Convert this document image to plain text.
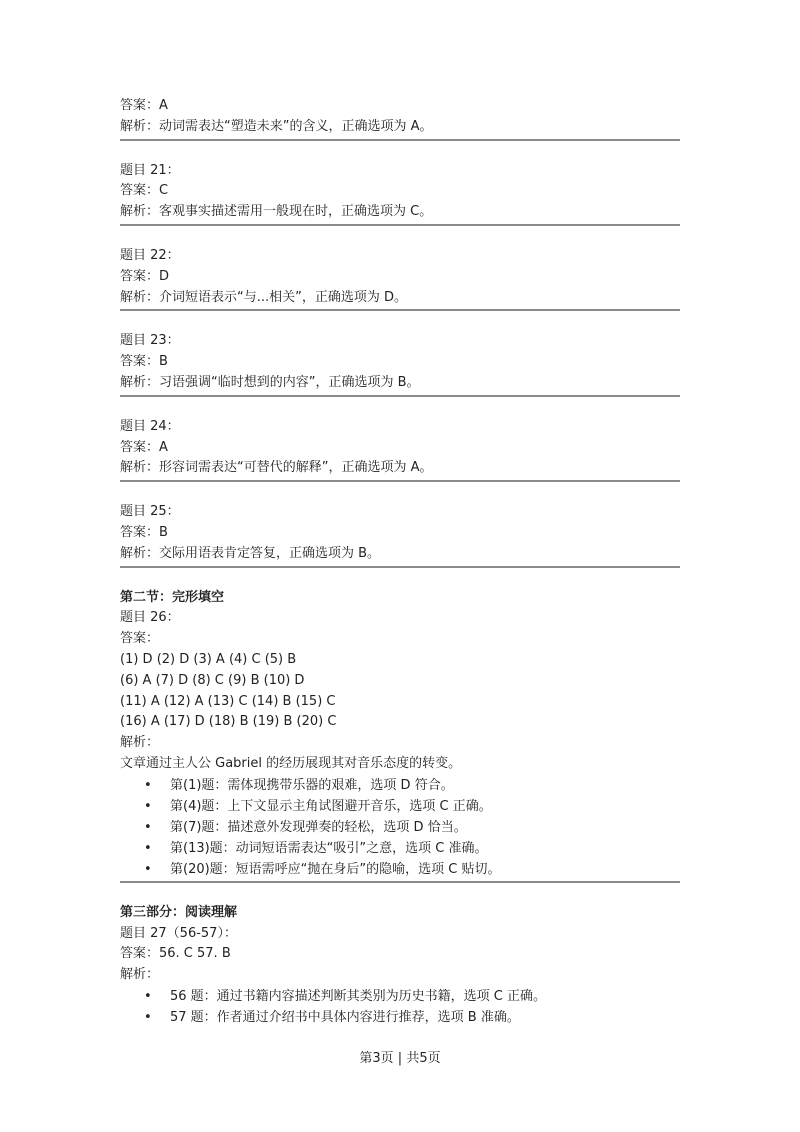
答案：A
解析：动词需表达“塑造未来”的含义，正确选项为 A。
题目 21：
答案：C
解析：客观事实描述需用一般现在时，正确选项为 C。
题目 22：
答案：D
解析：介词短语表示“与...相关”，正确选项为 D。
题目 23：
答案：B
解析：习语强调“临时想到的内容”，正确选项为 B。
题目 24：
答案：A
解析：形容词需表达“可替代的解释”，正确选项为 A。
题目 25：
答案：B
解析：交际用语表肯定答复，正确选项为 B。
第二节：完形填空
题目 26：
答案：
(1) D (2) D (3) A (4) C (5) B
(6) A (7) D (8) C (9) B (10) D
(11) A (12) A (13) C (14) B (15) C
(16) A (17) D (18) B (19) B (20) C
解析：
文章通过主人公 Gabriel 的经历展现其对音乐态度的转变。
• 第(1)题：需体现携带乐器的艰难，选项 D 符合。
• 第(4)题：上下文显示主角试图避开音乐，选项 C 正确。
• 第(7)题：描述意外发现弹奏的轻松，选项 D 恰当。
• 第(13)题：动词短语需表达“吸引”之意，选项 C 准确。
• 第(20)题：短语需呼应“抛在身后”的隐喻，选项 C 贴切。
第三部分：阅读理解
题目 27（56-57）：
答案：56. C 57. B
解析：
• 56 题：通过书籍内容描述判断其类别为历史书籍，选项 C 正确。
• 57 题：作者通过介绍书中具体内容进行推荐，选项 B 准确。
第3页 | 共5页
